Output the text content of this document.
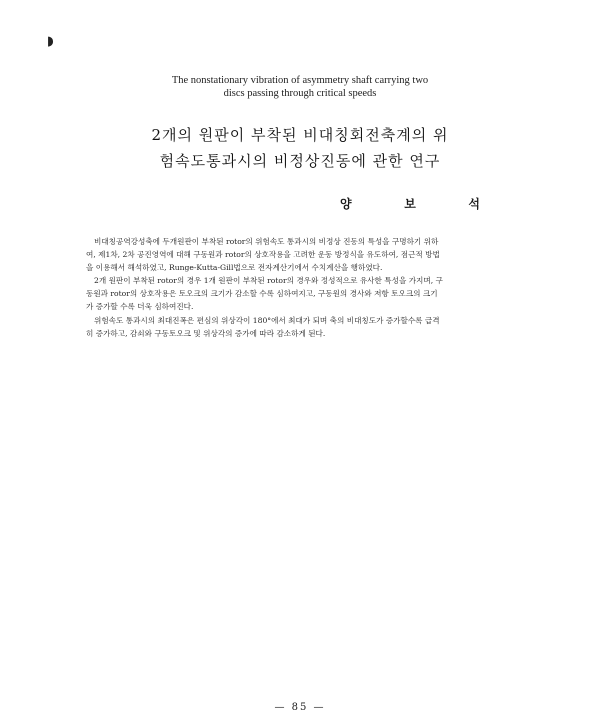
◗
The nonstationary vibration of asymmetry shaft carrying two
discs passing through critical speeds
2개의 원판이 부착된 비대칭회전축계의 위
험속도통과시의 비정상진동에 관한 연구
양	보	석

비대칭공역강성축에 두개원판이 부착된 rotor의 위험속도 통과시의 비정상 진동의 특성을 구명하기 위하
여, 제1차, 2차 공진영역에 대해 구동원과 rotor의 상호작용을 고려한 운동 방정식을 유도하여, 점근적 방법
을 이용해서 해석하였고, Runge-Kutta-Gill법으로 전자계산기에서 수치계산을 행하였다.

2개 원판이 부착된 rotor의 경우 1개 원판이 부착된 rotor의 경우와 정성적으로 유사한 특성을 가지며, 구
동원과 rotor의 상호작용은 토오크의 크기가 감소할 수록 심하여지고, 구동원의 경사와 저항 토오크의 크기
가 증가할 수록 더욱 심하여진다.

위험속도 통과시의 최대진폭은 편심의 위상각이 180°에서 최대가 되며 축의 비대칭도가 증가할수록 급격
히 증가하고, 감쇠와 구동토오크 및 위상각의 증가에 따라 감소하게 된다.

— 85 —
